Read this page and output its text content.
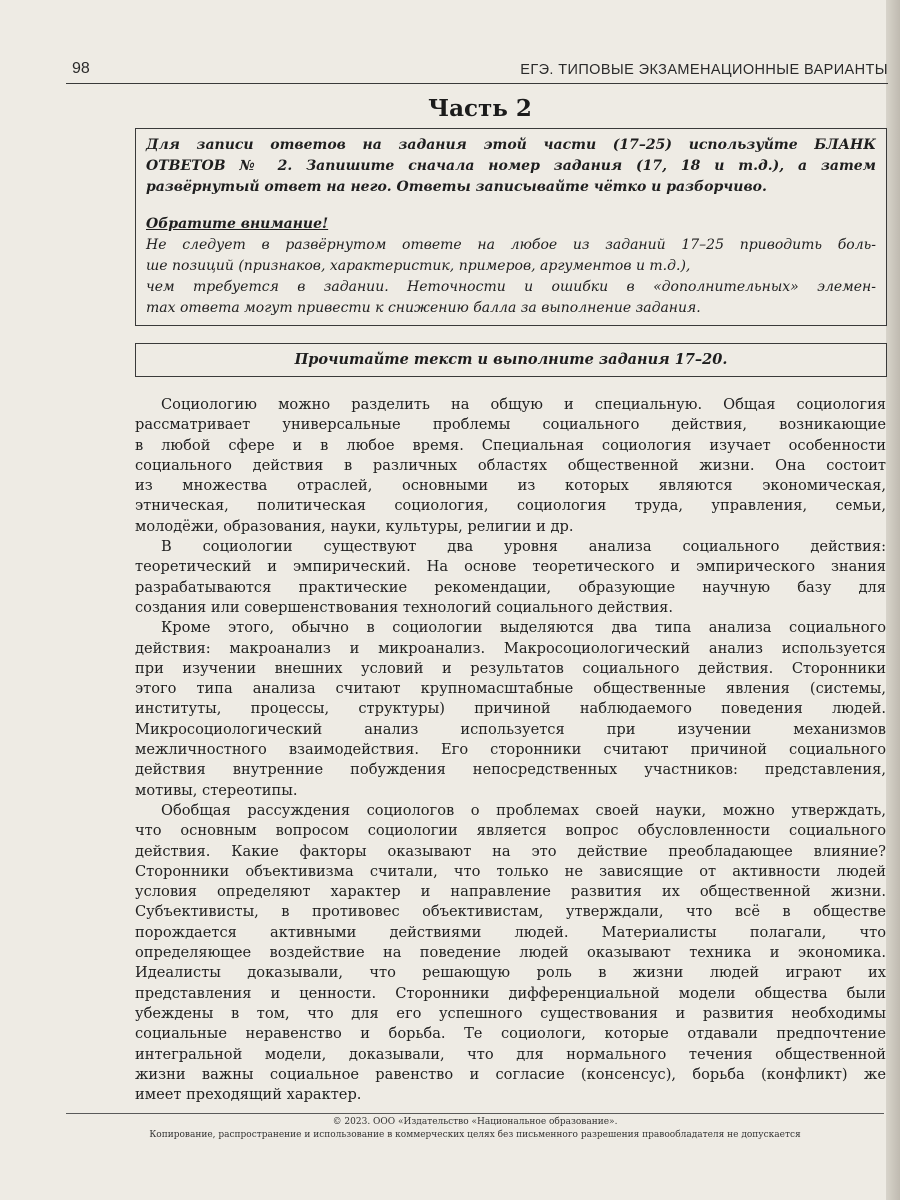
98	ЕГЭ. ТИПОВЫЕ ЭКЗАМЕНАЦИОННЫЕ ВАРИАНТЫ
Часть 2
Для записи ответов на задания этой части (17–25) используйте БЛАНК
ОТВЕТОВ № 2. Запишите сначала номер задания (17, 18 и т.д.), а затем
развёрнутый ответ на него. Ответы записывайте чётко и разборчиво.
Обратите внимание!
Не следует в развёрнутом ответе на любое из заданий 17–25 приводить боль-
ше позиций (признаков, характеристик, примеров, аргументов и т.д.),
чем требуется в задании. Неточности и ошибки в «дополнительных» элемен-
тах ответа могут привести к снижению балла за выполнение задания.
Прочитайте текст и выполните задания 17–20.
Социологию можно разделить на общую и специальную. Общая социология
рассматривает универсальные проблемы социального действия, возникающие
в любой сфере и в любое время. Специальная социология изучает особенности
социального действия в различных областях общественной жизни. Она состоит
из множества отраслей, основными из которых являются экономическая,
этническая, политическая социология, социология труда, управления, семьи,
молодёжи, образования, науки, культуры, религии и др.
В социологии существуют два уровня анализа социального действия:
теоретический и эмпирический. На основе теоретического и эмпирического знания
разрабатываются практические рекомендации, образующие научную базу для
создания или совершенствования технологий социального действия.
Кроме этого, обычно в социологии выделяются два типа анализа социального
действия: макроанализ и микроанализ. Макросоциологический анализ используется
при изучении внешних условий и результатов социального действия. Сторонники
этого типа анализа считают крупномасштабные общественные явления (системы,
институты, процессы, структуры) причиной наблюдаемого поведения людей.
Микросоциологический анализ используется при изучении механизмов
межличностного взаимодействия. Его сторонники считают причиной социального
действия внутренние побуждения непосредственных участников: представления,
мотивы, стереотипы.
Обобщая рассуждения социологов о проблемах своей науки, можно утверждать,
что основным вопросом социологии является вопрос обусловленности социального
действия. Какие факторы оказывают на это действие преобладающее влияние?
Сторонники объективизма считали, что только не зависящие от активности людей
условия определяют характер и направление развития их общественной жизни.
Субъективисты, в противовес объективистам, утверждали, что всё в обществе
порождается активными действиями людей. Материалисты полагали, что
определяющее воздействие на поведение людей оказывают техника и экономика.
Идеалисты доказывали, что решающую роль в жизни людей играют их
представления и ценности. Сторонники дифференциальной модели общества были
убеждены в том, что для его успешного существования и развития необходимы
социальные неравенство и борьба. Те социологи, которые отдавали предпочтение
интегральной модели, доказывали, что для нормального течения общественной
жизни важны социальное равенство и согласие (консенсус), борьба (конфликт) же
имеет преходящий характер.
© 2023. ООО «Издательство «Национальное образование».
Копирование, распространение и использование в коммерческих целях без письменного разрешения правообладателя не допускается
